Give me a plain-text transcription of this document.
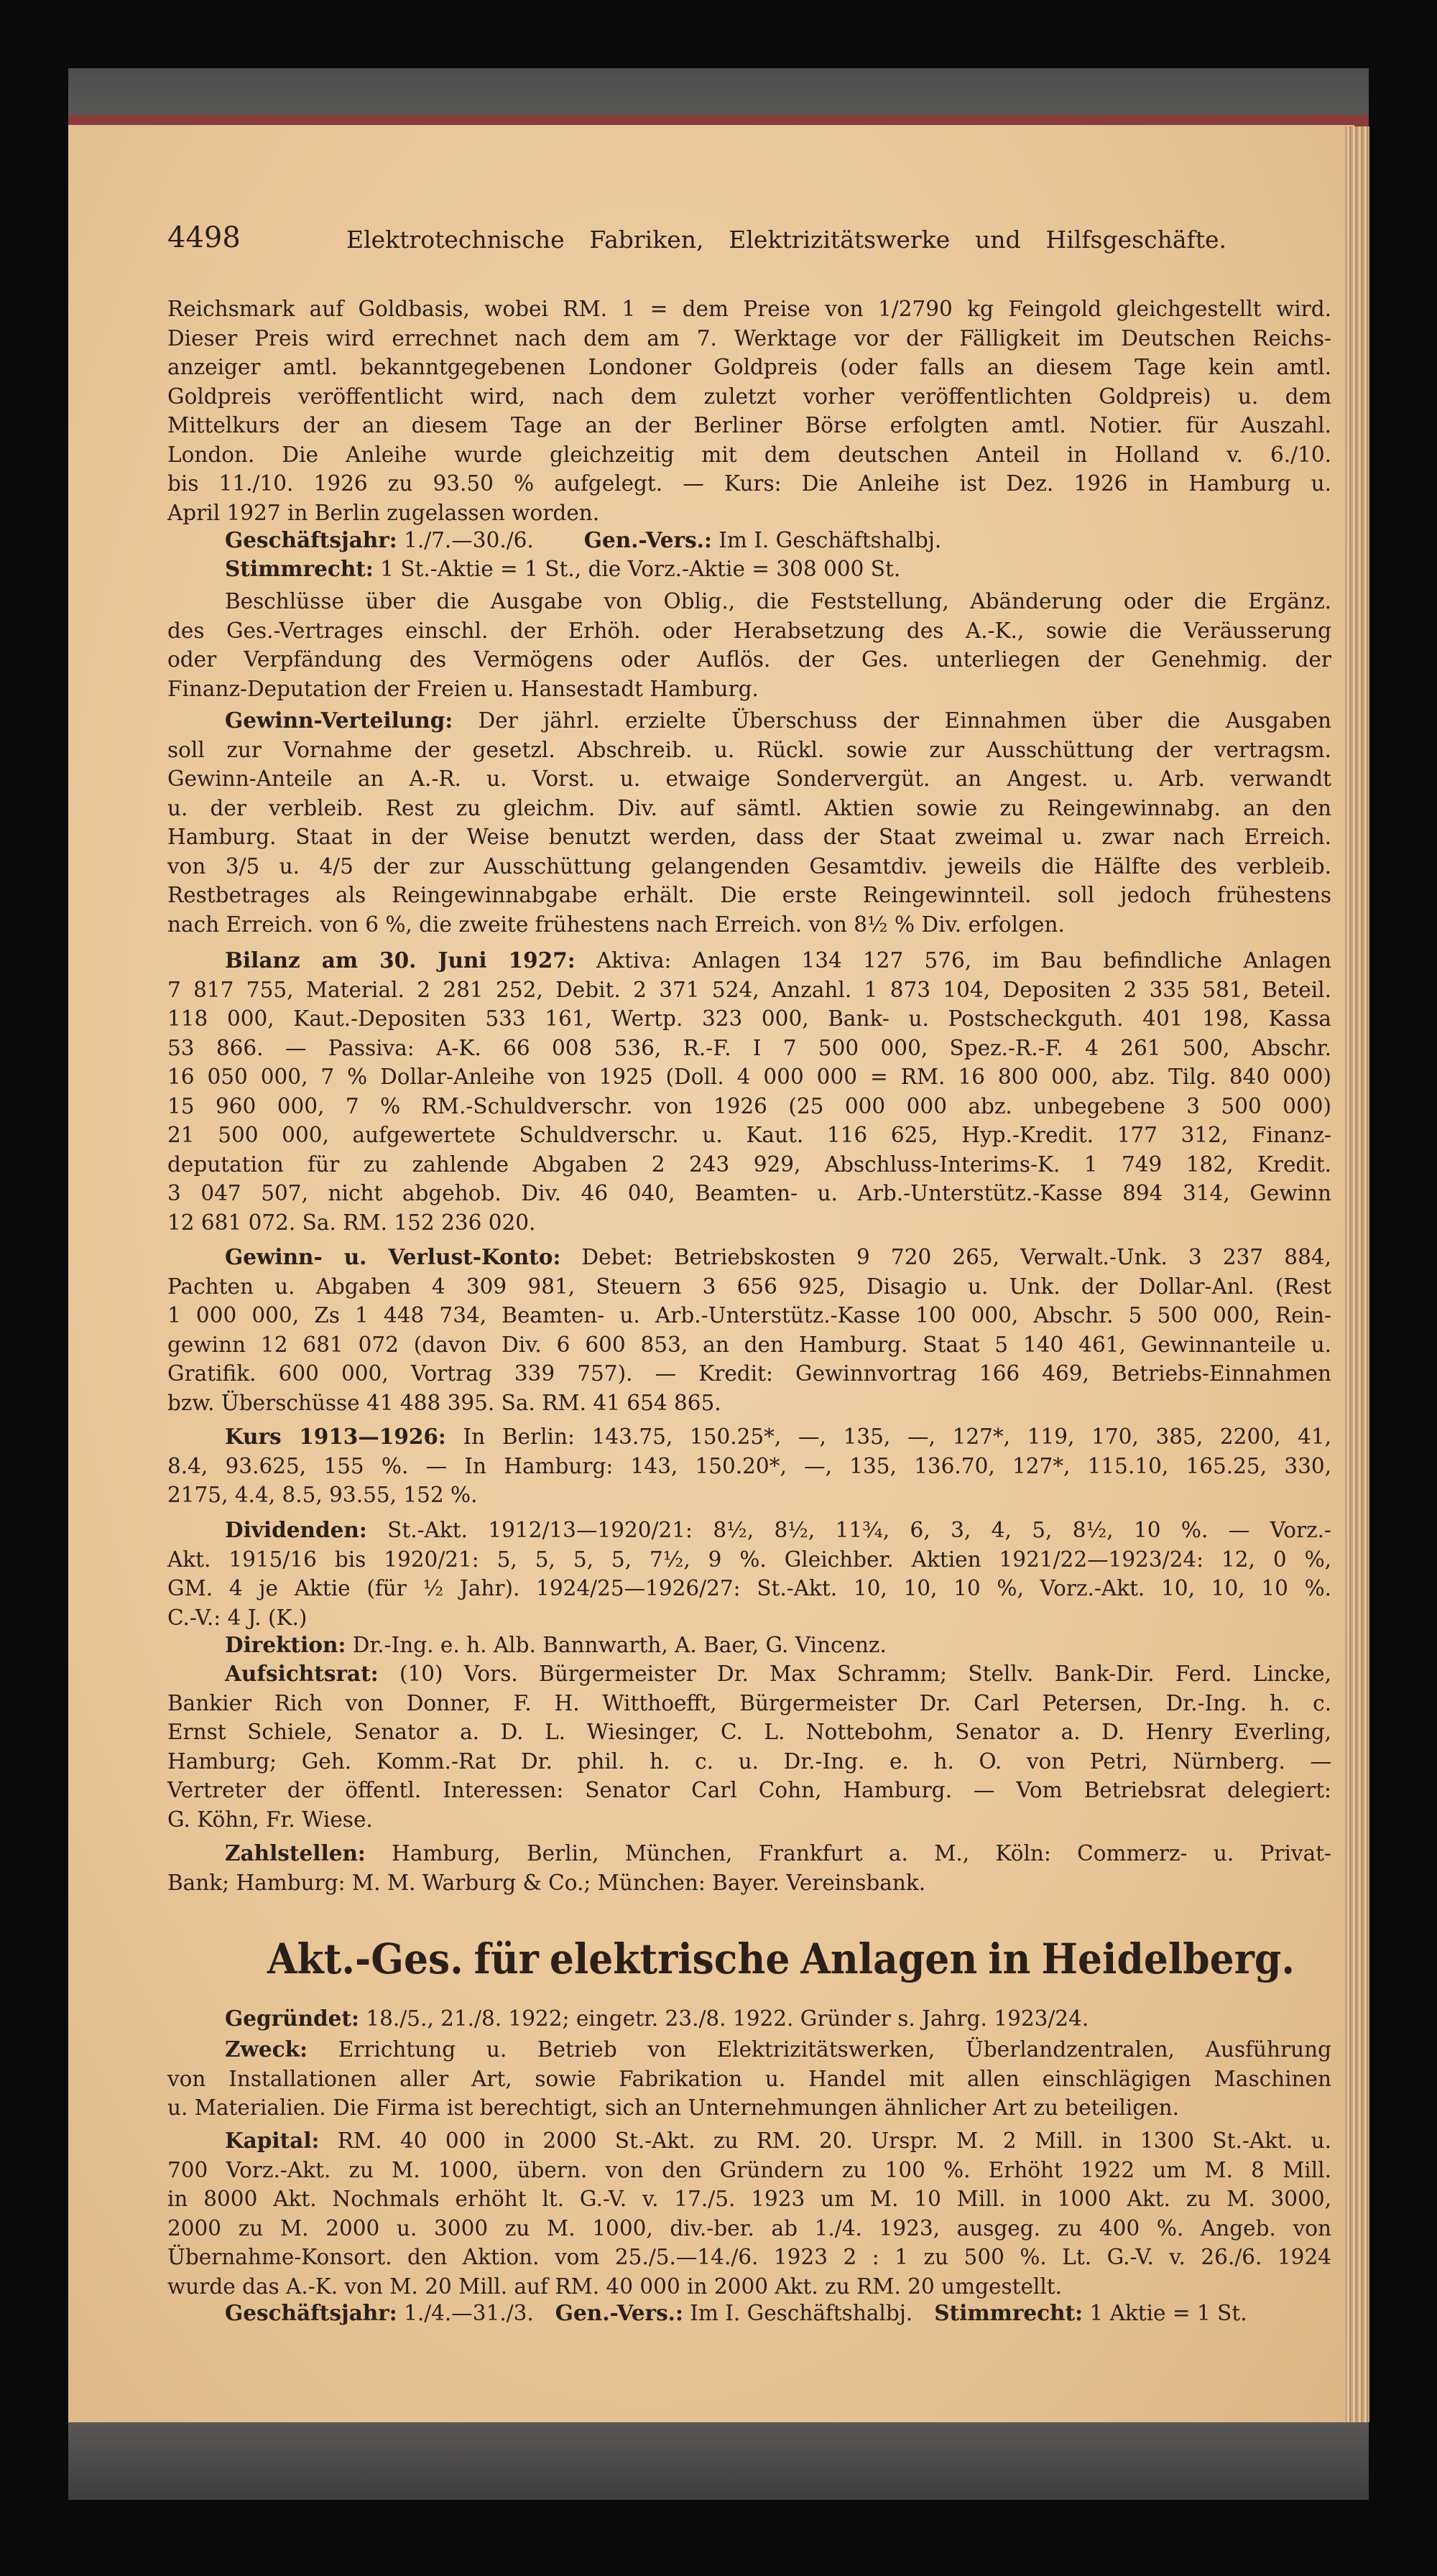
4498	Elektrotechnische Fabriken, Elektrizitätswerke und Hilfsgeschäfte.
Reichsmark auf Goldbasis, wobei RM. 1 = dem Preise von 1/2790 kg Feingold gleichgestellt wird.
Dieser Preis wird errechnet nach dem am 7. Werktage vor der Fälligkeit im Deutschen Reichs-
anzeiger amtl. bekanntgegebenen Londoner Goldpreis (oder falls an diesem Tage kein amtl.
Goldpreis veröffentlicht wird, nach dem zuletzt vorher veröffentlichten Goldpreis) u. dem
Mittelkurs der an diesem Tage an der Berliner Börse erfolgten amtl. Notier. für Auszahl.
London. Die Anleihe wurde gleichzeitig mit dem deutschen Anteil in Holland v. 6./10.
bis 11./10. 1926 zu 93.50 % aufgelegt. — Kurs: Die Anleihe ist Dez. 1926 in Hamburg u.
April 1927 in Berlin zugelassen worden.
Geschäftsjahr: 1./7.—30./6. Gen.-Vers.: Im I. Geschäftshalbj.
Stimmrecht: 1 St.-Aktie = 1 St., die Vorz.-Aktie = 308 000 St.
Beschlüsse über die Ausgabe von Oblig., die Feststellung, Abänderung oder die Ergänz.
des Ges.-Vertrages einschl. der Erhöh. oder Herabsetzung des A.-K., sowie die Veräusserung
oder Verpfändung des Vermögens oder Auflös. der Ges. unterliegen der Genehmig. der
Finanz-Deputation der Freien u. Hansestadt Hamburg.
Gewinn-Verteilung: Der jährl. erzielte Überschuss der Einnahmen über die Ausgaben
soll zur Vornahme der gesetzl. Abschreib. u. Rückl. sowie zur Ausschüttung der vertragsm.
Gewinn-Anteile an A.-R. u. Vorst. u. etwaige Sondervergüt. an Angest. u. Arb. verwandt
u. der verbleib. Rest zu gleichm. Div. auf sämtl. Aktien sowie zu Reingewinnabg. an den
Hamburg. Staat in der Weise benutzt werden, dass der Staat zweimal u. zwar nach Erreich.
von 3/5 u. 4/5 der zur Ausschüttung gelangenden Gesamtdiv. jeweils die Hälfte des verbleib.
Restbetrages als Reingewinnabgabe erhält. Die erste Reingewinnteil. soll jedoch frühestens
nach Erreich. von 6 %, die zweite frühestens nach Erreich. von 8½ % Div. erfolgen.
Bilanz am 30. Juni 1927: Aktiva: Anlagen 134 127 576, im Bau befindliche Anlagen
7 817 755, Material. 2 281 252, Debit. 2 371 524, Anzahl. 1 873 104, Depositen 2 335 581, Beteil.
118 000, Kaut.-Depositen 533 161, Wertp. 323 000, Bank- u. Postscheckguth. 401 198, Kassa
53 866. — Passiva: A-K. 66 008 536, R.-F. I 7 500 000, Spez.-R.-F. 4 261 500, Abschr.
16 050 000, 7 % Dollar-Anleihe von 1925 (Doll. 4 000 000 = RM. 16 800 000, abz. Tilg. 840 000)
15 960 000, 7 % RM.-Schuldverschr. von 1926 (25 000 000 abz. unbegebene 3 500 000)
21 500 000, aufgewertete Schuldverschr. u. Kaut. 116 625, Hyp.-Kredit. 177 312, Finanz-
deputation für zu zahlende Abgaben 2 243 929, Abschluss-Interims-K. 1 749 182, Kredit.
3 047 507, nicht abgehob. Div. 46 040, Beamten- u. Arb.-Unterstütz.-Kasse 894 314, Gewinn
12 681 072. Sa. RM. 152 236 020.
Gewinn- u. Verlust-Konto: Debet: Betriebskosten 9 720 265, Verwalt.-Unk. 3 237 884,
Pachten u. Abgaben 4 309 981, Steuern 3 656 925, Disagio u. Unk. der Dollar-Anl. (Rest
1 000 000, Zs 1 448 734, Beamten- u. Arb.-Unterstütz.-Kasse 100 000, Abschr. 5 500 000, Rein-
gewinn 12 681 072 (davon Div. 6 600 853, an den Hamburg. Staat 5 140 461, Gewinnanteile u.
Gratifik. 600 000, Vortrag 339 757). — Kredit: Gewinnvortrag 166 469, Betriebs-Einnahmen
bzw. Überschüsse 41 488 395. Sa. RM. 41 654 865.
Kurs 1913—1926: In Berlin: 143.75, 150.25*, —, 135, —, 127*, 119, 170, 385, 2200, 41,
8.4, 93.625, 155 %. — In Hamburg: 143, 150.20*, —, 135, 136.70, 127*, 115.10, 165.25, 330,
2175, 4.4, 8.5, 93.55, 152 %.
Dividenden: St.-Akt. 1912/13—1920/21: 8½, 8½, 11¾, 6, 3, 4, 5, 8½, 10 %. — Vorz.-
Akt. 1915/16 bis 1920/21: 5, 5, 5, 5, 7½, 9 %. Gleichber. Aktien 1921/22—1923/24: 12, 0 %,
GM. 4 je Aktie (für ½ Jahr). 1924/25—1926/27: St.-Akt. 10, 10, 10 %, Vorz.-Akt. 10, 10, 10 %.
C.-V.: 4 J. (K.)
Direktion: Dr.-Ing. e. h. Alb. Bannwarth, A. Baer, G. Vincenz.
Aufsichtsrat: (10) Vors. Bürgermeister Dr. Max Schramm; Stellv. Bank-Dir. Ferd. Lincke,
Bankier Rich von Donner, F. H. Witthoefft, Bürgermeister Dr. Carl Petersen, Dr.-Ing. h. c.
Ernst Schiele, Senator a. D. L. Wiesinger, C. L. Nottebohm, Senator a. D. Henry Everling,
Hamburg; Geh. Komm.-Rat Dr. phil. h. c. u. Dr.-Ing. e. h. O. von Petri, Nürnberg. —
Vertreter der öffentl. Interessen: Senator Carl Cohn, Hamburg. — Vom Betriebsrat delegiert:
G. Köhn, Fr. Wiese.
Zahlstellen: Hamburg, Berlin, München, Frankfurt a. M., Köln: Commerz- u. Privat-
Bank; Hamburg: M. M. Warburg & Co.; München: Bayer. Vereinsbank.
Akt.-Ges. für elektrische Anlagen in Heidelberg.
Gegründet: 18./5., 21./8. 1922; eingetr. 23./8. 1922. Gründer s. Jahrg. 1923/24.
Zweck: Errichtung u. Betrieb von Elektrizitätswerken, Überlandzentralen, Ausführung
von Installationen aller Art, sowie Fabrikation u. Handel mit allen einschlägigen Maschinen
u. Materialien. Die Firma ist berechtigt, sich an Unternehmungen ähnlicher Art zu beteiligen.
Kapital: RM. 40 000 in 2000 St.-Akt. zu RM. 20. Urspr. M. 2 Mill. in 1300 St.-Akt. u.
700 Vorz.-Akt. zu M. 1000, übern. von den Gründern zu 100 %. Erhöht 1922 um M. 8 Mill.
in 8000 Akt. Nochmals erhöht lt. G.-V. v. 17./5. 1923 um M. 10 Mill. in 1000 Akt. zu M. 3000,
2000 zu M. 2000 u. 3000 zu M. 1000, div.-ber. ab 1./4. 1923, ausgeg. zu 400 %. Angeb. von
Übernahme-Konsort. den Aktion. vom 25./5.—14./6. 1923 2 : 1 zu 500 %. Lt. G.-V. v. 26./6. 1924
wurde das A.-K. von M. 20 Mill. auf RM. 40 000 in 2000 Akt. zu RM. 20 umgestellt.
Geschäftsjahr: 1./4.—31./3. Gen.-Vers.: Im I. Geschäftshalbj. Stimmrecht: 1 Aktie = 1 St.
